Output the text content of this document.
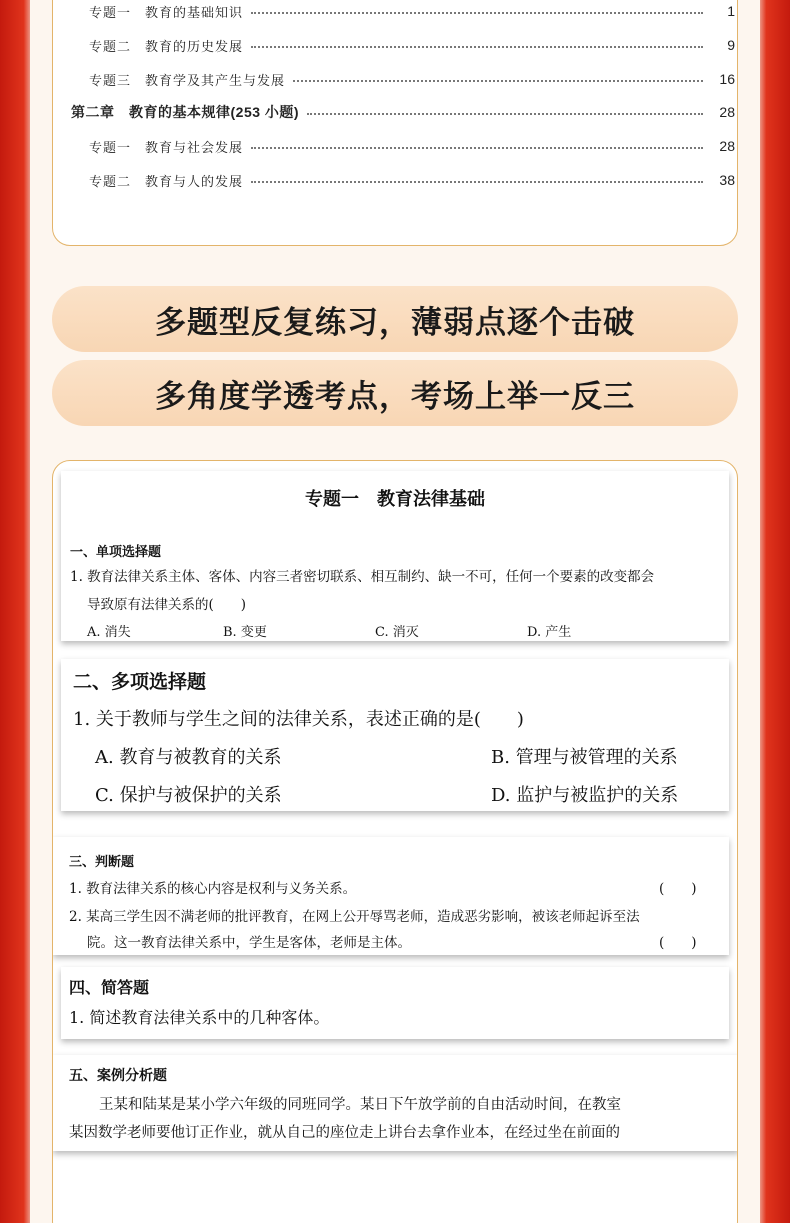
专题一　教育的基础知识	1
专题二　教育的历史发展	9
专题三　教育学及其产生与发展	16
第二章　教育的基本规律(253 小题)	28
专题一　教育与社会发展	28
专题二　教育与人的发展	38
多题型反复练习，薄弱点逐个击破
多角度学透考点，考场上举一反三
专题一　教育法律基础
一、单项选择题
1. 教育法律关系主体、客体、内容三者密切联系、相互制约、缺一不可，任何一个要素的改变都会
导致原有法律关系的(　　)
A. 消失	B. 变更	C. 消灭	D. 产生
二、多项选择题
1. 关于教师与学生之间的法律关系，表述正确的是(　　)
A. 教育与被教育的关系	B. 管理与被管理的关系
C. 保护与被保护的关系	D. 监护与被监护的关系
三、判断题
1. 教育法律关系的核心内容是权利与义务关系。	(　　)
2. 某高三学生因不满老师的批评教育，在网上公开辱骂老师，造成恶劣影响，被该老师起诉至法
院。这一教育法律关系中，学生是客体，老师是主体。	(　　)
四、简答题
1. 简述教育法律关系中的几种客体。
五、案例分析题
王某和陆某是某小学六年级的同班同学。某日下午放学前的自由活动时间，在教室
某因数学老师要他订正作业，就从自己的座位走上讲台去拿作业本，在经过坐在前面的
